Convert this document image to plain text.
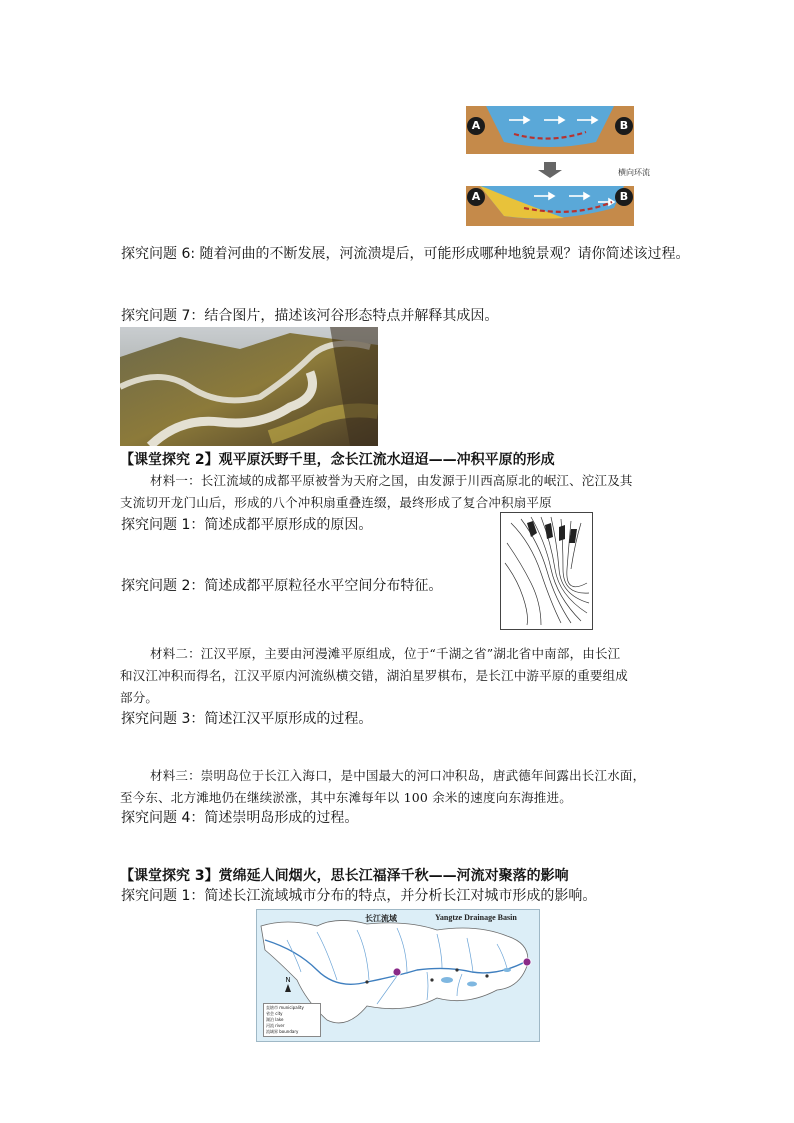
A	B
A	B
横向环流
探究问题 6: 随着河曲的不断发展，河流溃堤后，可能形成哪种地貌景观？请你简述该过程。
探究问题 7：结合图片，描述该河谷形态特点并解释其成因。
【课堂探究 2】观平原沃野千里，念长江流水迢迢——冲积平原的形成
材料一：长江流域的成都平原被誉为天府之国，由发源于川西高原北的岷江、沱江及其
支流切开龙门山后，形成的八个冲积扇重叠连缀，最终形成了复合冲积扇平原
探究问题 1：简述成都平原形成的原因。
探究问题 2：简述成都平原粒径水平空间分布特征。
材料二：江汉平原，主要由河漫滩平原组成，位于“千湖之省”湖北省中南部，由长江
和汉江冲积而得名，江汉平原内河流纵横交错，湖泊星罗棋布，是长江中游平原的重要组成
部分。
探究问题 3：简述江汉平原形成的过程。
材料三：崇明岛位于长江入海口，是中国最大的河口冲积岛，唐武德年间露出长江水面，
至今东、北方滩地仍在继续淤涨，其中东滩每年以 100 余米的速度向东海推进。
探究问题 4：简述崇明岛形成的过程。
【课堂探究 3】赏绵延人间烟火，思长江福泽千秋——河流对聚落的影响
探究问题 1：简述长江流域城市分布的特点，并分析长江对城市形成的影响。
长江流域	Yangtze Drainage Basin
N
直辖市 municipality
省会 city
湖泊 lake
河流 river
流域界 boundary
